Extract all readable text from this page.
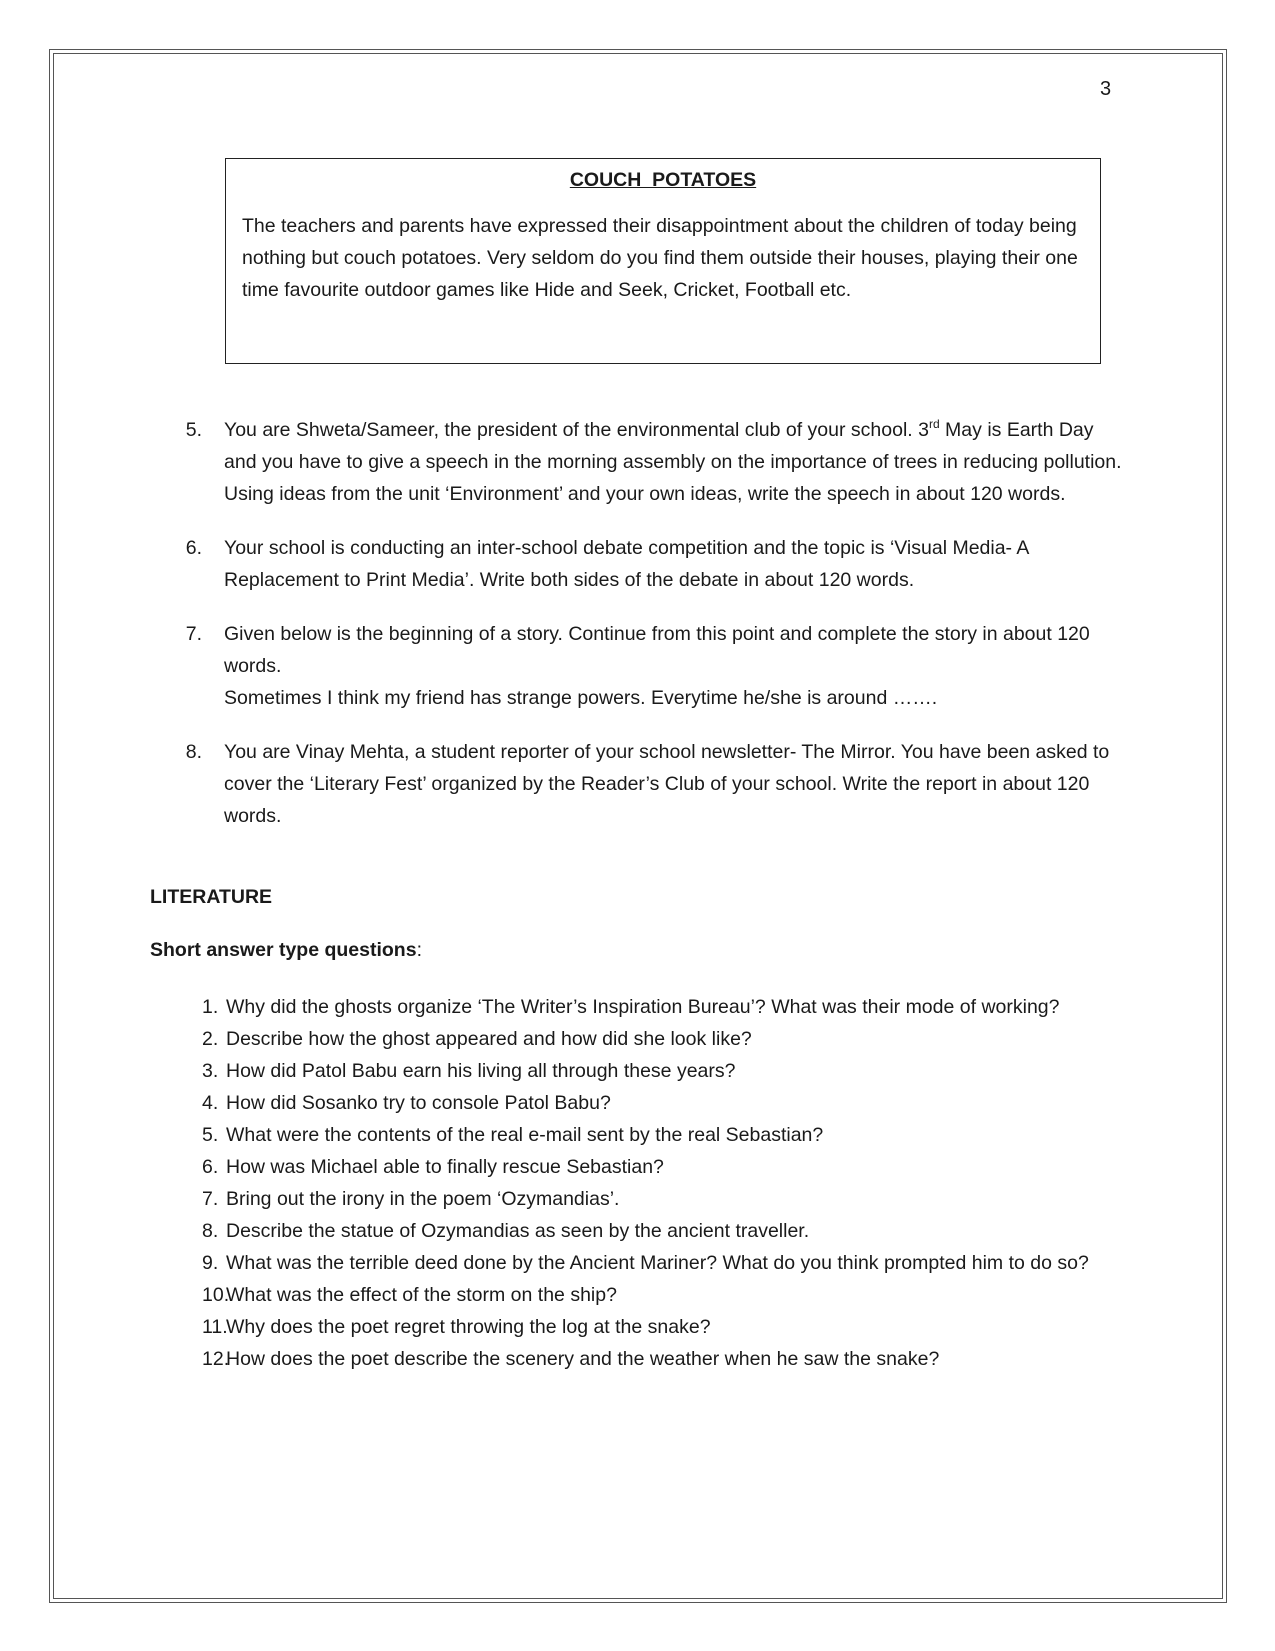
3

COUCH  POTATOES

The teachers and parents have expressed their disappointment about the children of today being nothing but couch potatoes. Very seldom do you find them outside their houses, playing their one time favourite outdoor games like Hide and Seek, Cricket, Football etc.

5.	You are Shweta/Sameer, the president of the environmental club of your school. 3rd May is Earth Day and you have to give a speech in the morning assembly on the importance of trees in reducing pollution. Using ideas from the unit ‘Environment’ and your own ideas, write the speech in about 120 words.
6.	Your school is conducting an inter-school debate competition and the topic is ‘Visual Media- A Replacement to Print Media’. Write both sides of the debate in about 120 words.
7.	Given below is the beginning of a story. Continue from this point and complete the story in about 120 words.
Sometimes I think my friend has strange powers. Everytime he/she is around …….
8.	You are Vinay Mehta, a student reporter of your school newsletter- The Mirror. You have been asked to cover the ‘Literary Fest’ organized by the Reader’s Club of your school. Write the report in about 120 words.

LITERATURE

Short answer type questions:

1. Why did the ghosts organize ‘The Writer’s Inspiration Bureau’? What was their mode of working?
2. Describe how the ghost appeared and how did she look like?
3. How did Patol Babu earn his living all through these years?
4. How did Sosanko try to console Patol Babu?
5. What were the contents of the real e-mail sent by the real Sebastian?
6. How was Michael able to finally rescue Sebastian?
7. Bring out the irony in the poem ‘Ozymandias’.
8. Describe the statue of Ozymandias as seen by the ancient traveller.
9. What was the terrible deed done by the Ancient Mariner? What do you think prompted him to do so?
10.
What was the effect of the storm on the ship?
11.
Why does the poet regret throwing the log at the snake?
12.
How does the poet describe the scenery and the weather when he saw the snake?
